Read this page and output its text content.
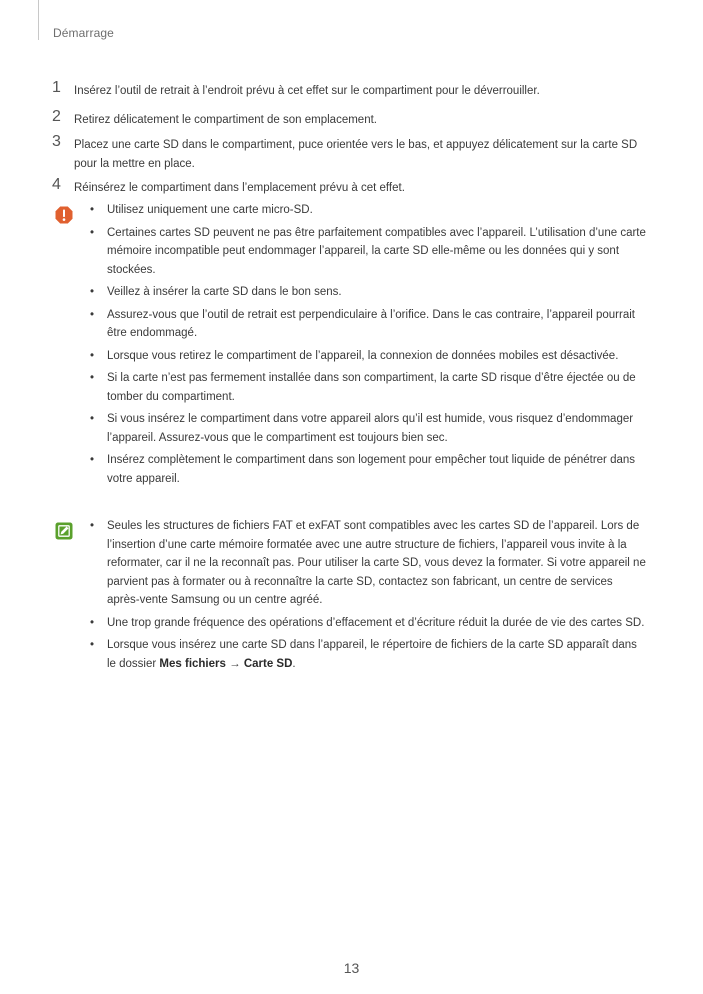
Démarrage
1 Insérez l’outil de retrait à l’endroit prévu à cet effet sur le compartiment pour le déverrouiller.
2 Retirez délicatement le compartiment de son emplacement.
3 Placez une carte SD dans le compartiment, puce orientée vers le bas, et appuyez délicatement sur la carte SD pour la mettre en place.
4 Réinsérez le compartiment dans l’emplacement prévu à cet effet.
• Utilisez uniquement une carte micro-SD.
• Certaines cartes SD peuvent ne pas être parfaitement compatibles avec l’appareil. L’utilisation d’une carte mémoire incompatible peut endommager l’appareil, la carte SD elle-même ou les données qui y sont stockées.
• Veillez à insérer la carte SD dans le bon sens.
• Assurez-vous que l’outil de retrait est perpendiculaire à l’orifice. Dans le cas contraire, l’appareil pourrait être endommagé.
• Lorsque vous retirez le compartiment de l’appareil, la connexion de données mobiles est désactivée.
• Si la carte n’est pas fermement installée dans son compartiment, la carte SD risque d’être éjectée ou de tomber du compartiment.
• Si vous insérez le compartiment dans votre appareil alors qu’il est humide, vous risquez d’endommager l’appareil. Assurez-vous que le compartiment est toujours bien sec.
• Insérez complètement le compartiment dans son logement pour empêcher tout liquide de pénétrer dans votre appareil.
• Seules les structures de fichiers FAT et exFAT sont compatibles avec les cartes SD de l’appareil. Lors de l’insertion d’une carte mémoire formatée avec une autre structure de fichiers, l’appareil vous invite à la reformater, car il ne la reconnaît pas. Pour utiliser la carte SD, vous devez la formater. Si votre appareil ne parvient pas à formater ou à reconnaître la carte SD, contactez son fabricant, un centre de services après-vente Samsung ou un centre agréé.
• Une trop grande fréquence des opérations d’effacement et d’écriture réduit la durée de vie des cartes SD.
• Lorsque vous insérez une carte SD dans l’appareil, le répertoire de fichiers de la carte SD apparaît dans le dossier Mes fichiers → Carte SD.
13
